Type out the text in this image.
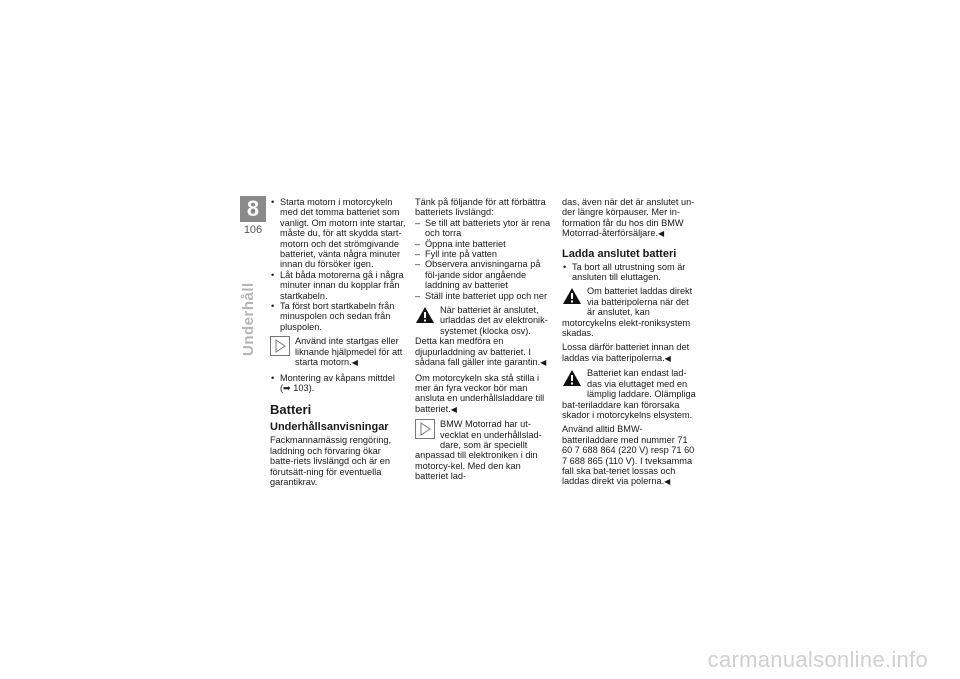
8
106
Underhåll

• Starta motorn i motorcykeln med det tomma batteriet som vanligt. Om motorn inte startar, måste du, för att skydda start-motorn och det strömgivande batteriet, vänta några minuter innan du försöker igen.

• Låt båda motorerna gå i några minuter innan du kopplar från startkabeln.

• Ta först bort startkabeln från minuspolen och sedan från pluspolen.

Använd inte startgas eller liknande hjälpmedel för att starta motorn.◀

• Montering av kåpans mittdel (➡ 103).

Batteri
Underhållsanvisningar

Fackmannamässig rengöring, laddning och förvaring ökar batte-riets livslängd och är en förutsätt-ning för eventuella garantikrav.

Tänk på följande för att förbättra batteriets livslängd:

– Se till att batteriets ytor är rena och torra

– Öppna inte batteriet

– Fyll inte på vatten

– Observera anvisningarna på föl-jande sidor angående laddning av batteriet

– Ställ inte batteriet upp och ner

När batteriet är anslutet, urladdas det av elektronik-systemet (klocka osv). Detta kan medföra en djupurladdning av batteriet. I sådana fall gäller inte garantin.◀

Om motorcykeln ska stå stilla i mer än fyra veckor bör man ansluta en underhållsladdare till batteriet.◀

BMW Motorrad har ut-vecklat en underhållslad-dare, som är speciellt anpassad till elektroniken i din motorcy-kel. Med den kan batteriet lad-

das, även när det är anslutet un-der längre körpauser. Mer in-formation får du hos din BMW Motorrad-återförsäljare.◀

Ladda anslutet batteri

• Ta bort all utrustning som är ansluten till eluttagen.

Om batteriet laddas direkt via batteripolerna när det är anslutet, kan motorcykelns elekt-roniksystem skadas.

Lossa därför batteriet innan det laddas via batteripolerna.◀

Batteriet kan endast lad-das via eluttaget med en lämplig laddare. Olämpliga bat-teriladdare kan förorsaka skador i motorcykelns elsystem.

Använd alltid BMW-batteriladdare med nummer 71 60 7 688 864 (220 V) resp 71 60 7 688 865 (110 V). I tveksamma fall ska bat-teriet lossas och laddas direkt via polerna.◀

carmanualsonline.info
